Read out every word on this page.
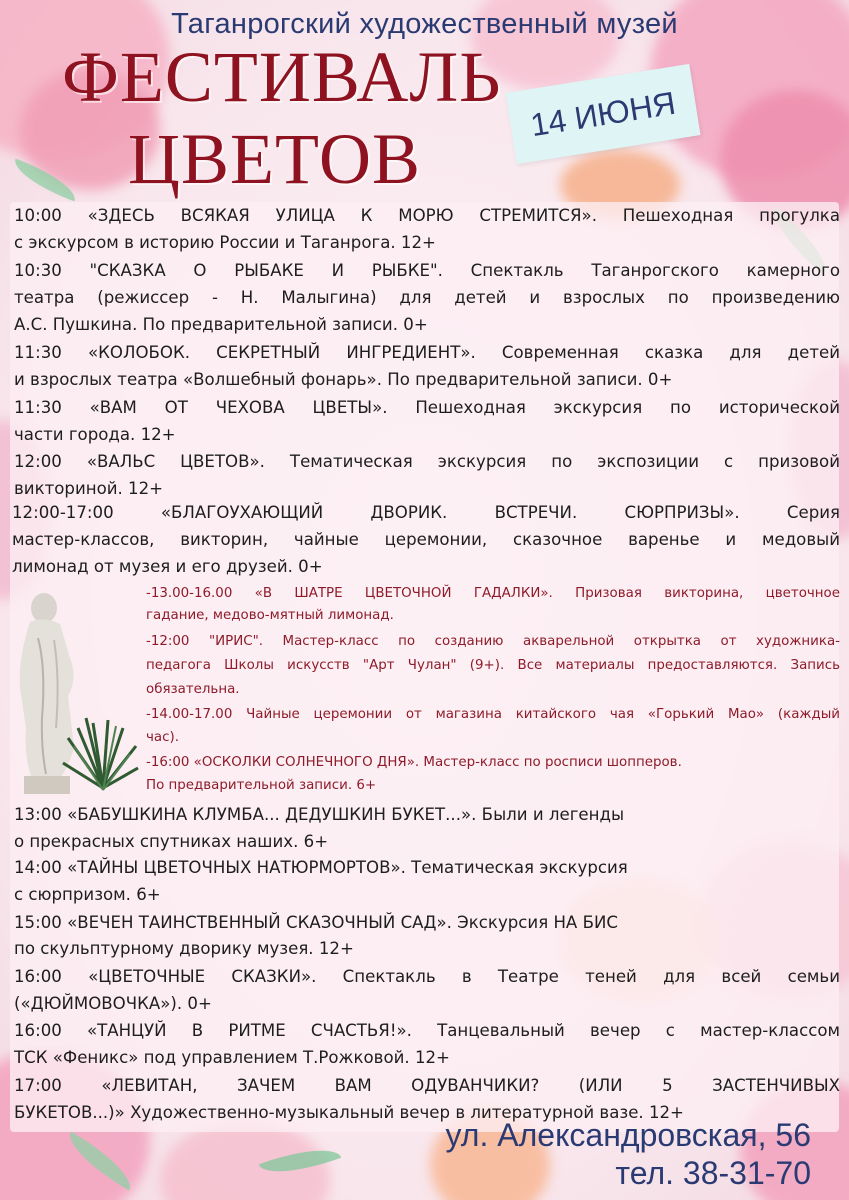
Таганрогский художественный музей
ФЕСТИВАЛЬ
ЦВЕТОВ
14 ИЮНЯ
10:00 «ЗДЕСЬ ВСЯКАЯ УЛИЦА К МОРЮ СТРЕМИТСЯ». Пешеходная прогулка
с экскурсом в историю России и Таганрога. 12+
10:30 "СКАЗКА О РЫБАКЕ И РЫБКЕ". Спектакль Таганрогского камерного
театра (режиссер - Н. Малыгина) для детей и взрослых по произведению
А.С. Пушкина. По предварительной записи. 0+
11:30 «КОЛОБОК. СЕКРЕТНЫЙ ИНГРЕДИЕНТ». Современная сказка для детей
и взрослых театра «Волшебный фонарь». По предварительной записи. 0+
11:30 «ВАМ ОТ ЧЕХОВА ЦВЕТЫ». Пешеходная экскурсия по исторической
части города. 12+
12:00 «ВАЛЬС ЦВЕТОВ». Тематическая экскурсия по экспозиции с призовой
викториной. 12+
12:00-17:00 «БЛАГОУХАЮЩИЙ ДВОРИК. ВСТРЕЧИ. СЮРПРИЗЫ». Серия
мастер-классов, викторин, чайные церемонии, сказочное варенье и медовый
лимонад от музея и его друзей. 0+
-13.00-16.00 «В ШАТРЕ ЦВЕТОЧНОЙ ГАДАЛКИ». Призовая викторина, цветочное
гадание, медово-мятный лимонад.
-12:00 "ИРИС". Мастер-класс по созданию акварельной открытка от художника-
педагога Школы искусств "Арт Чулан" (9+). Все материалы предоставляются. Запись
обязательна.
-14.00-17.00 Чайные церемонии от магазина китайского чая «Горький Мао» (каждый
час).
-16:00 «ОСКОЛКИ СОЛНЕЧНОГО ДНЯ». Мастер-класс по росписи шопперов.
По предварительной записи. 6+
13:00 «БАБУШКИНА КЛУМБА... ДЕДУШКИН БУКЕТ...». Были и легенды
о прекрасных спутниках наших. 6+
14:00 «ТАЙНЫ ЦВЕТОЧНЫХ НАТЮРМОРТОВ». Тематическая экскурсия
с сюрпризом. 6+
15:00 «ВЕЧЕН ТАИНСТВЕННЫЙ СКАЗОЧНЫЙ САД». Экскурсия НА БИС
по скульптурному дворику музея. 12+
16:00 «ЦВЕТОЧНЫЕ СКАЗКИ». Спектакль в Театре теней для всей семьи
(«ДЮЙМОВОЧКА»). 0+
16:00 «ТАНЦУЙ В РИТМЕ СЧАСТЬЯ!». Танцевальный вечер с мастер-классом
ТСК «Феникс» под управлением Т.Рожковой. 12+
17:00 «ЛЕВИТАН, ЗАЧЕМ ВАМ ОДУВАНЧИКИ? (ИЛИ 5 ЗАСТЕНЧИВЫХ
БУКЕТОВ...)» Художественно-музыкальный вечер в литературной вазе. 12+
ул. Александровская, 56
тел. 38-31-70
